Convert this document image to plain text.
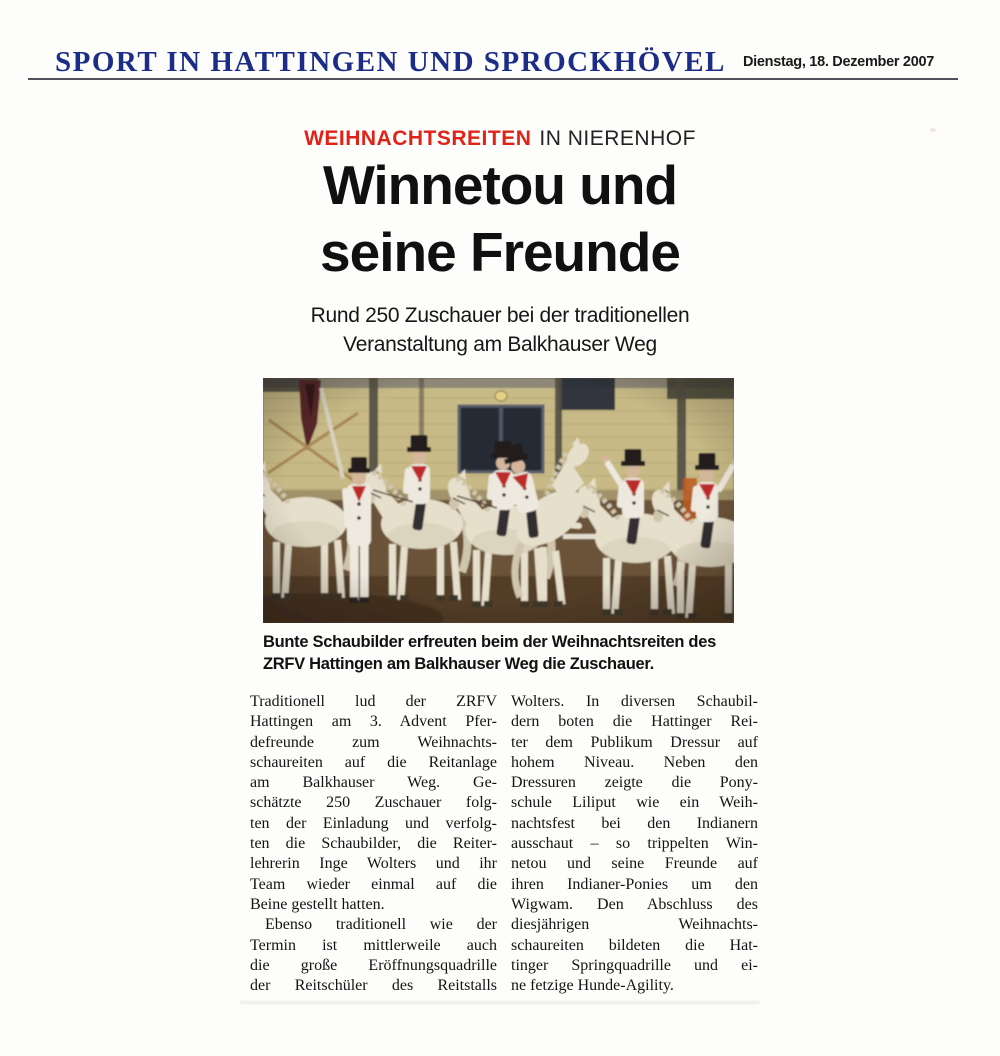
SPORT IN HATTINGEN UND SPROCKHÖVEL Dienstag, 18. Dezember 2007
WEIHNACHTSREITEN IN NIERENHOF
Winnetou und
seine Freunde
Rund 250 Zuschauer bei der traditionellen
Veranstaltung am Balkhauser Weg
Bunte Schaubilder erfreuten beim der Weihnachtsreiten des
ZRFV Hattingen am Balkhauser Weg die Zuschauer.
Traditionell lud der ZRFV
Hattingen am 3. Advent Pfer-
defreunde zum Weihnachts-
schaureiten auf die Reitanlage
am Balkhauser Weg. Ge-
schätzte 250 Zuschauer folg-
ten der Einladung und verfolg-
ten die Schaubilder, die Reiter-
lehrerin Inge Wolters und ihr
Team wieder einmal auf die
Beine gestellt hatten.
Ebenso traditionell wie der
Termin ist mittlerweile auch
die große Eröffnungsquadrille
der Reitschüler des Reitstalls
Wolters. In diversen Schaubil-
dern boten die Hattinger Rei-
ter dem Publikum Dressur auf
hohem Niveau. Neben den
Dressuren zeigte die Pony-
schule Liliput wie ein Weih-
nachtsfest bei den Indianern
ausschaut – so trippelten Win-
netou und seine Freunde auf
ihren Indianer-Ponies um den
Wigwam. Den Abschluss des
diesjährigen Weihnachts-
schaureiten bildeten die Hat-
tinger Springquadrille und ei-
ne fetzige Hunde-Agility.
